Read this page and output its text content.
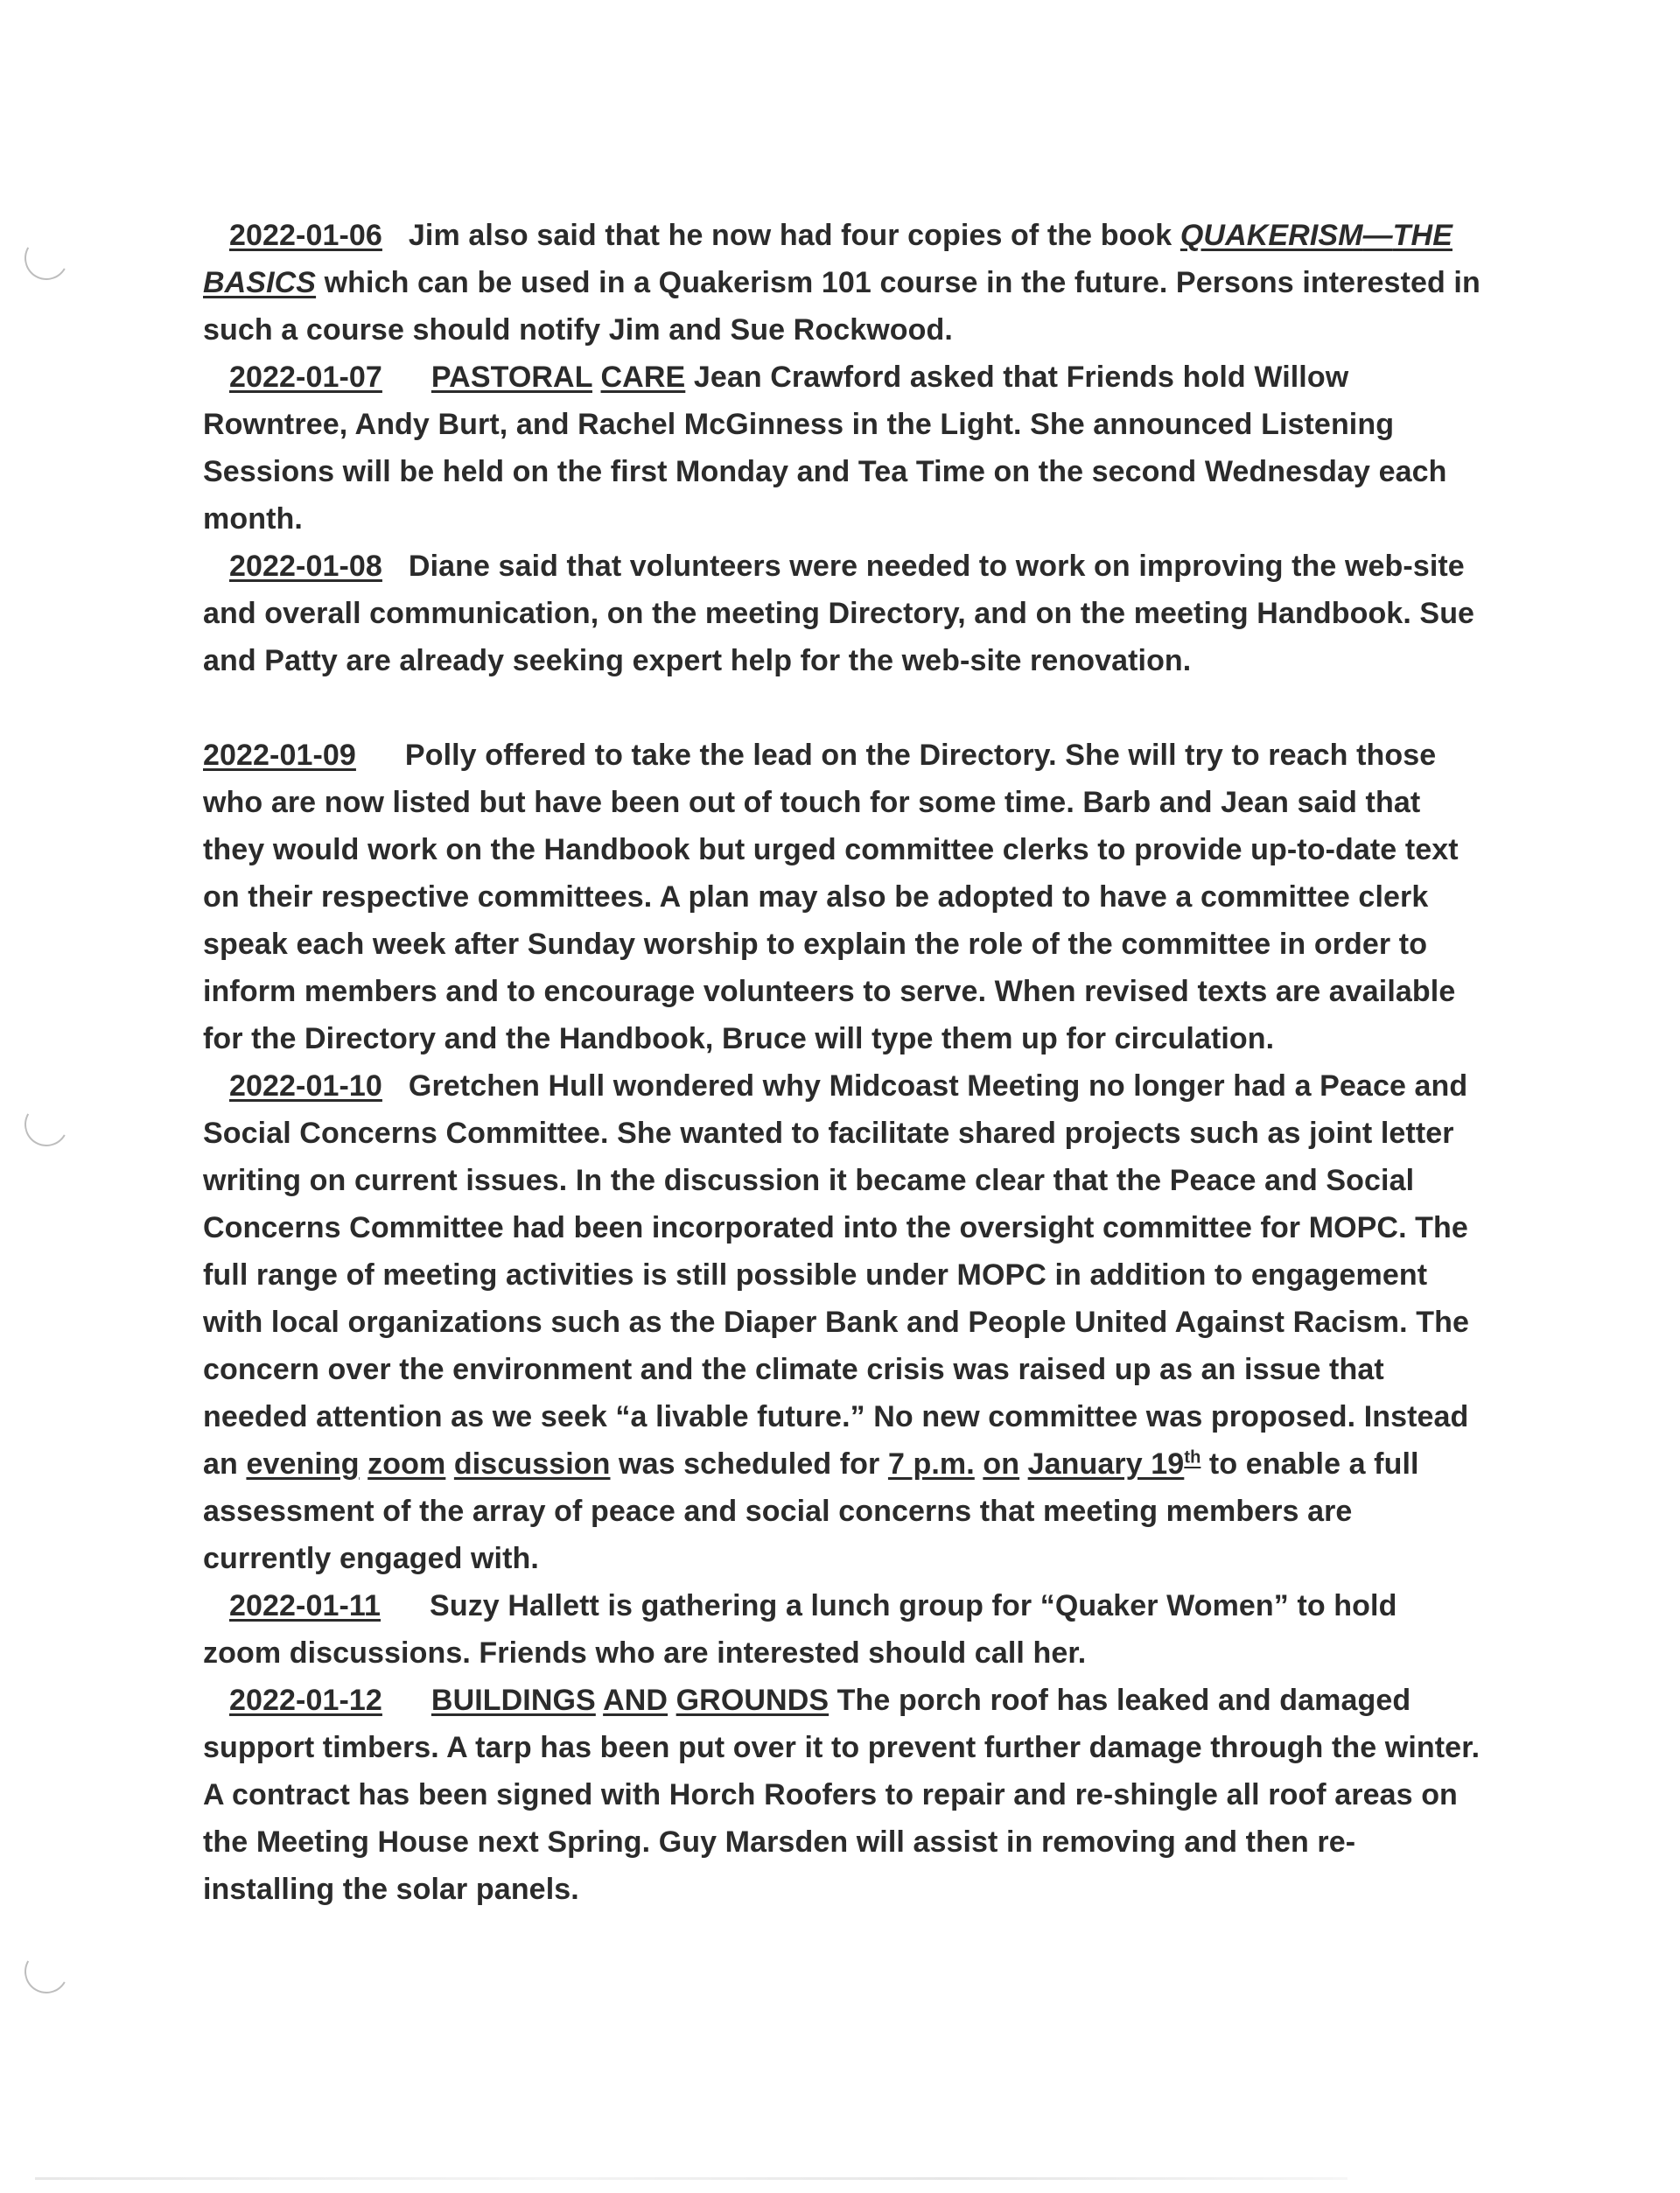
2022-01-06 Jim also said that he now had four copies of the book QUAKERISM—THE BASICS which can be used in a Quakerism 101 course in the future. Persons interested in such a course should notify Jim and Sue Rockwood.

2022-01-07 PASTORAL CARE Jean Crawford asked that Friends hold Willow Rowntree, Andy Burt, and Rachel McGinness in the Light. She announced Listening Sessions will be held on the first Monday and Tea Time on the second Wednesday each month.

2022-01-08 Diane said that volunteers were needed to work on improving the web-site and overall communication, on the meeting Directory, and on the meeting Handbook. Sue and Patty are already seeking expert help for the web-site renovation.

2022-01-09 Polly offered to take the lead on the Directory. She will try to reach those who are now listed but have been out of touch for some time. Barb and Jean said that they would work on the Handbook but urged committee clerks to provide up-to-date text on their respective committees. A plan may also be adopted to have a committee clerk speak each week after Sunday worship to explain the role of the committee in order to inform members and to encourage volunteers to serve. When revised texts are available for the Directory and the Handbook, Bruce will type them up for circulation.

2022-01-10 Gretchen Hull wondered why Midcoast Meeting no longer had a Peace and Social Concerns Committee. She wanted to facilitate shared projects such as joint letter writing on current issues. In the discussion it became clear that the Peace and Social Concerns Committee had been incorporated into the oversight committee for MOPC. The full range of meeting activities is still possible under MOPC in addition to engagement with local organizations such as the Diaper Bank and People United Against Racism. The concern over the environment and the climate crisis was raised up as an issue that needed attention as we seek “a livable future.” No new committee was proposed. Instead an evening zoom discussion was scheduled for 7 p.m. on January 19th to enable a full assessment of the array of peace and social concerns that meeting members are currently engaged with.

2022-01-11 Suzy Hallett is gathering a lunch group for “Quaker Women” to hold zoom discussions. Friends who are interested should call her.

2022-01-12 BUILDINGS AND GROUNDS The porch roof has leaked and damaged support timbers. A tarp has been put over it to prevent further damage through the winter. A contract has been signed with Horch Roofers to repair and re-shingle all roof areas on the Meeting House next Spring. Guy Marsden will assist in removing and then re-installing the solar panels.
